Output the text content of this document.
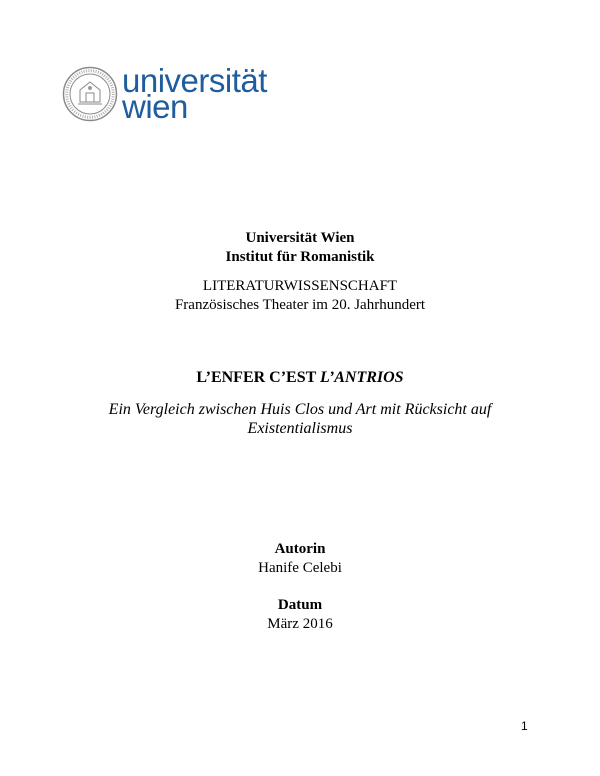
universität
wien
Universität Wien
Institut für Romanistik
LITERATURWISSENSCHAFT
Französisches Theater im 20. Jahrhundert
L’ENFER C’EST L’ANTRIOS
Ein Vergleich zwischen Huis Clos und Art mit Rücksicht auf
Existentialismus
Autorin
Hanife Celebi
Datum
März 2016
1
